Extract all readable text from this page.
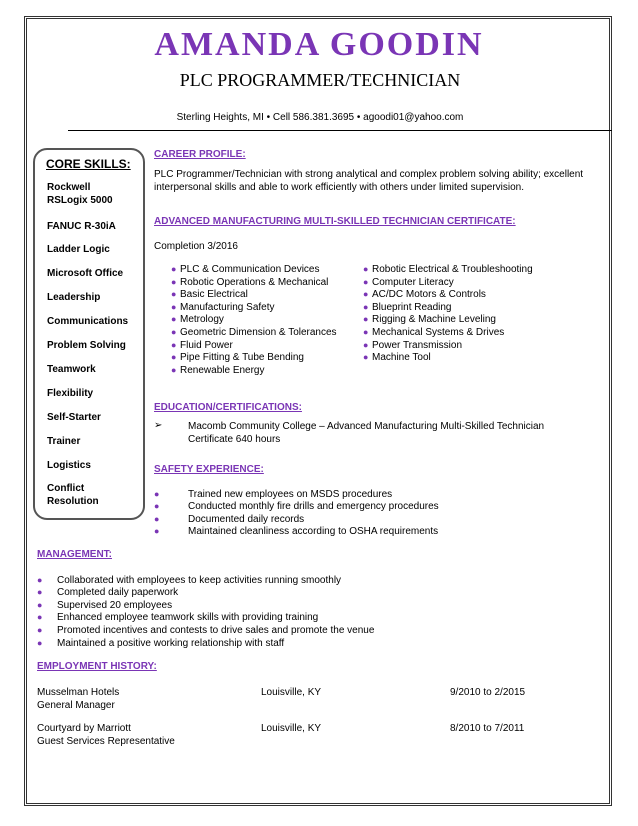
AMANDA GOODIN
PLC PROGRAMMER/TECHNICIAN
Sterling Heights, MI • Cell 586.381.3695 • agoodi01@yahoo.com
CORE SKILLS:
Rockwell RSLogix 5000
FANUC R-30iA
Ladder Logic
Microsoft Office
Leadership
Communications
Problem Solving
Teamwork
Flexibility
Self-Starter
Trainer
Logistics
Conflict Resolution
CAREER PROFILE:
PLC Programmer/Technician with strong analytical and complex problem solving ability; excellent interpersonal skills and able to work efficiently with others under limited supervision.
ADVANCED MANUFACTURING MULTI-SKILLED TECHNICIAN CERTIFICATE:
Completion 3/2016
● PLC & Communication Devices
● Robotic Operations & Mechanical
● Basic Electrical
● Manufacturing Safety
● Metrology
● Geometric Dimension & Tolerances
● Fluid Power
● Pipe Fitting & Tube Bending
● Renewable Energy
● Robotic Electrical & Troubleshooting
● Computer Literacy
● AC/DC Motors & Controls
● Blueprint Reading
● Rigging & Machine Leveling
● Mechanical Systems & Drives
● Power Transmission
● Machine Tool
EDUCATION/CERTIFICATIONS:
➢	Macomb Community College – Advanced Manufacturing Multi-Skilled Technician
Certificate 640 hours
SAFETY EXPERIENCE:
●	Trained new employees on MSDS procedures
●	Conducted monthly fire drills and emergency procedures
●	Documented daily records
●	Maintained cleanliness according to OSHA requirements
MANAGEMENT:
● Collaborated with employees to keep activities running smoothly
● Completed daily paperwork
● Supervised 20 employees
● Enhanced employee teamwork skills with providing training
● Promoted incentives and contests to drive sales and promote the venue
● Maintained a positive working relationship with staff
EMPLOYMENT HISTORY:
Musselman Hotels	Louisville, KY	9/2010 to 2/2015
General Manager
Courtyard by Marriott	Louisville, KY	8/2010 to 7/2011
Guest Services Representative
